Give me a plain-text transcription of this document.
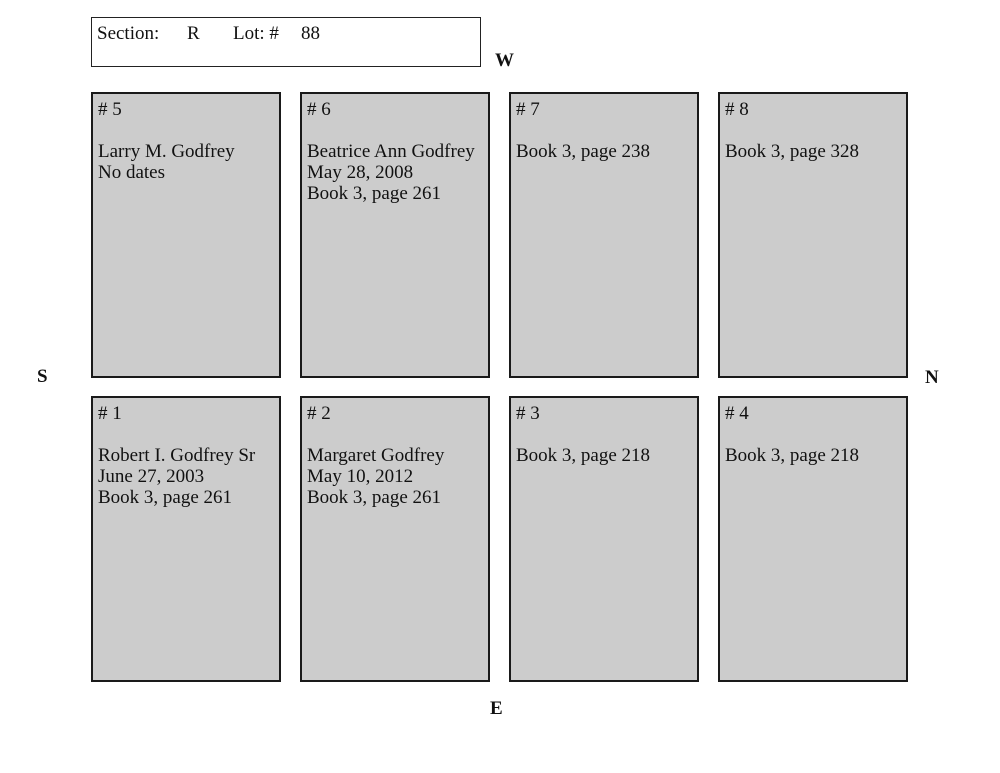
Section: R Lot: # 88
W
S	N
E
# 5
Larry M. Godfrey
No dates
# 6
Beatrice Ann Godfrey
May 28, 2008
Book 3, page 261
# 7
Book 3, page 238
# 8
Book 3, page 328
# 1
Robert I. Godfrey Sr
June 27, 2003
Book 3, page 261
# 2
Margaret Godfrey
May 10, 2012
Book 3, page 261
# 3
Book 3, page 218
# 4
Book 3, page 218
